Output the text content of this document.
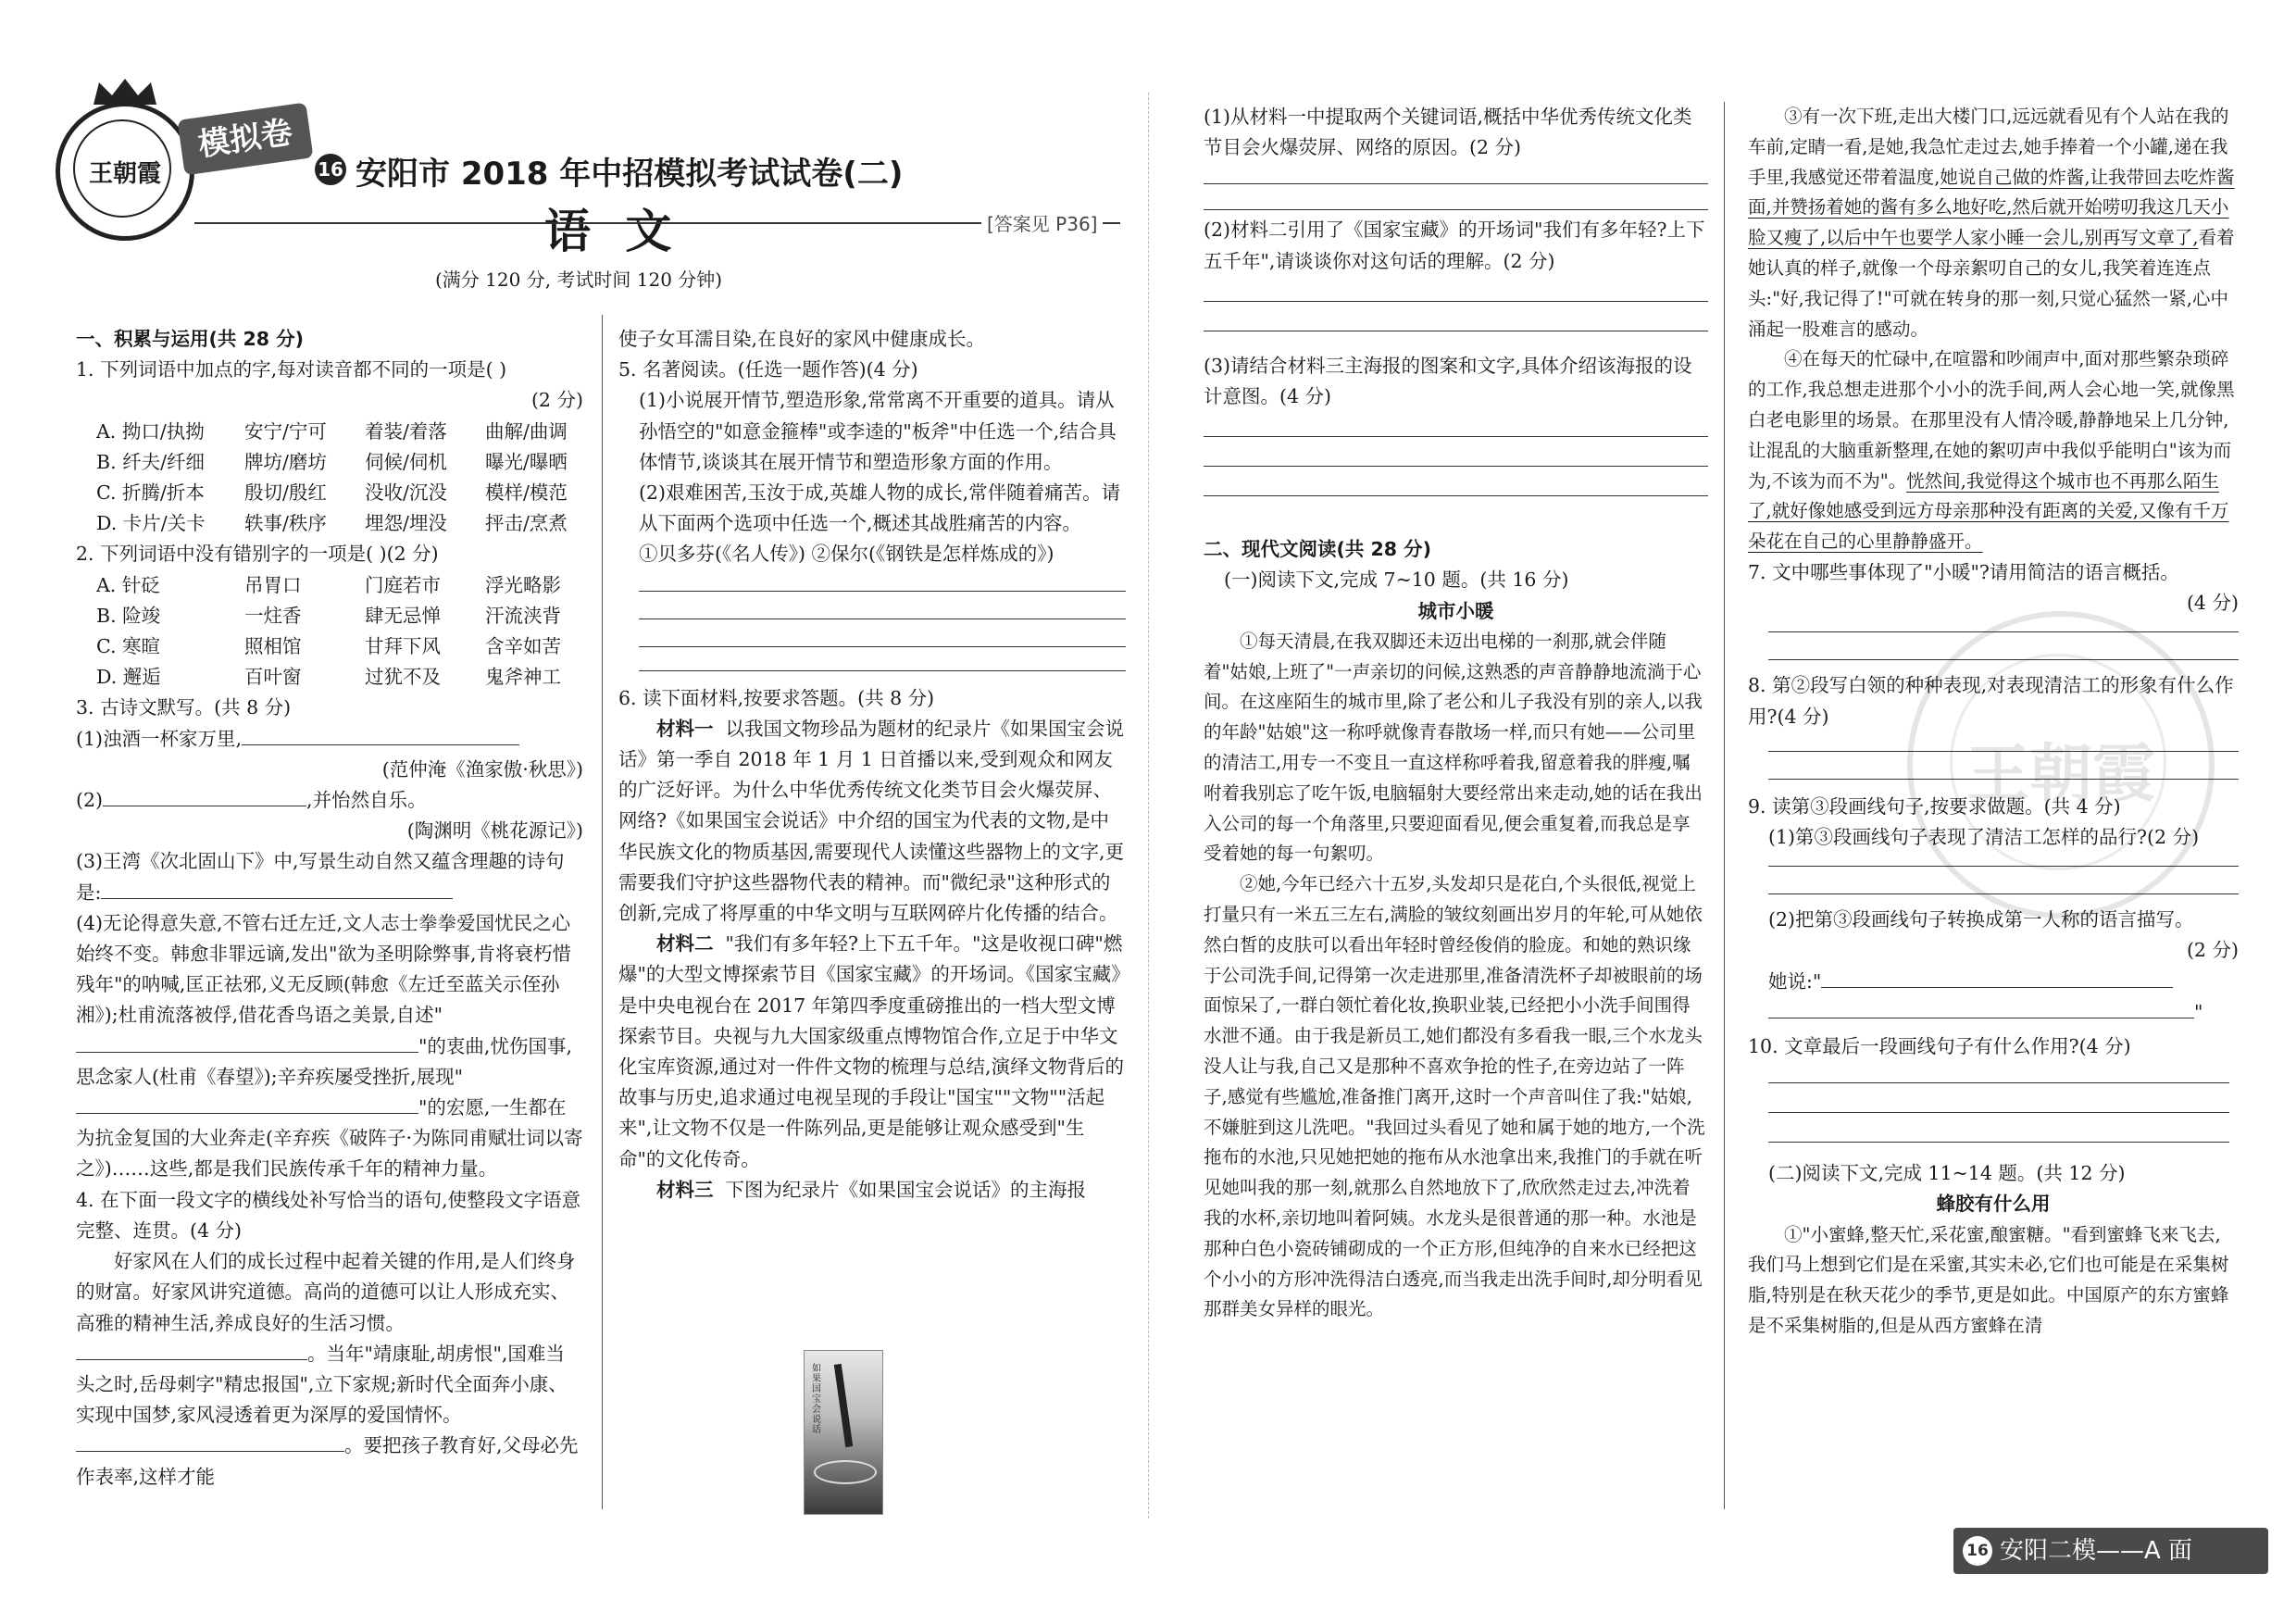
王朝霞
模拟卷
16 安阳市 2018 年中招模拟考试试卷(二)
语 文	[答案见 P36]
(满分 120 分, 考试时间 120 分钟)

一、积累与运用(共 28 分)

1. 下列词语中加点的字,每对读音都不同的一项是( )

(2 分)

A. 拗口/执拗 安宁/宁可 着装/着落 曲解/曲调
B. 纤夫/纤细 牌坊/磨坊 伺候/伺机 曝光/曝晒
C. 折腾/折本 殷切/殷红 没收/沉没 模样/模范
D. 卡片/关卡 轶事/秩序 埋怨/埋没 抨击/烹煮

2. 下列词语中没有错别字的一项是( )(2 分)

A. 针砭	吊胃口	门庭若市 浮光略影
B. 险竣	一炷香	肆无忌惮 汗流浃背
C. 寒暄	照相馆	甘拜下风 含辛如苦
D. 邂逅	百叶窗	过犹不及 鬼斧神工

3. 古诗文默写。(共 8 分)

(1)浊酒一杯家万里,

(范仲淹《渔家傲·秋思》)

(2)	,并怡然自乐。

(陶渊明《桃花源记》)

(3)王湾《次北固山下》中,写景生动自然又蕴含理趣的诗句是:

(4)无论得意失意,不管右迁左迁,文人志士拳拳爱国忧民之心始终不变。韩愈非罪远谪,发出"欲为圣明除弊事,肯将衰朽惜残年"的呐喊,匡正祛邪,义无反顾(韩愈《左迁至蓝关示侄孙湘》);杜甫流落被俘,借花香鸟语之美景,自述""的衷曲,忧伤国事,思念家人(杜甫《春望》);辛弃疾屡受挫折,展现""的宏愿,一生都在为抗金复国的大业奔走(辛弃疾《破阵子·为陈同甫赋壮词以寄之》)……这些,都是我们民族传承千年的精神力量。

4. 在下面一段文字的横线处补写恰当的语句,使整段文字语意完整、连贯。(4 分)

好家风在人们的成长过程中起着关键的作用,是人们终身的财富。好家风讲究道德。高尚的道德可以让人形成充实、高雅的精神生活,养成良好的生活习惯。。当年"靖康耻,胡虏恨",国难当头之时,岳母刺字"精忠报国",立下家规;新时代全面奔小康、实现中国梦,家风浸透着更为深厚的爱国情怀。。要把孩子教育好,父母必先作表率,这样才能

使子女耳濡目染,在良好的家风中健康成长。

5. 名著阅读。(任选一题作答)(4 分)

(1)小说展开情节,塑造形象,常常离不开重要的道具。请从孙悟空的"如意金箍棒"或李逵的"板斧"中任选一个,结合具体情节,谈谈其在展开情节和塑造形象方面的作用。

(2)艰难困苦,玉汝于成,英雄人物的成长,常伴随着痛苦。请从下面两个选项中任选一个,概述其战胜痛苦的内容。

①贝多芬(《名人传》) ②保尔(《钢铁是怎样炼成的》)

6. 读下面材料,按要求答题。(共 8 分)

材料一 以我国文物珍品为题材的纪录片《如果国宝会说话》第一季自 2018 年 1 月 1 日首播以来,受到观众和网友的广泛好评。为什么中华优秀传统文化类节目会火爆荧屏、网络?《如果国宝会说话》中介绍的国宝为代表的文物,是中华民族文化的物质基因,需要现代人读懂这些器物上的文字,更需要我们守护这些器物代表的精神。而"微纪录"这种形式的创新,完成了将厚重的中华文明与互联网碎片化传播的结合。

材料二 "我们有多年轻?上下五千年。"这是收视口碑"燃爆"的大型文博探索节目《国家宝藏》的开场词。《国家宝藏》是中央电视台在 2017 年第四季度重磅推出的一档大型文博探索节目。央视与九大国家级重点博物馆合作,立足于中华文化宝库资源,通过对一件件文物的梳理与总结,演绎文物背后的故事与历史,追求通过电视呈现的手段让"国宝""文物""活起来",让文物不仅是一件陈列品,更是能够让观众感受到"生命"的文化传奇。

材料三 下图为纪录片《如果国宝会说话》的主海报

如果国宝会说话

(1)从材料一中提取两个关键词语,概括中华优秀传统文化类节目会火爆荧屏、网络的原因。(2 分)

(2)材料二引用了《国家宝藏》的开场词"我们有多年轻?上下五千年",请谈谈你对这句话的理解。(2 分)

(3)请结合材料三主海报的图案和文字,具体介绍该海报的设计意图。(4 分)

二、现代文阅读(共 28 分)

(一)阅读下文,完成 7~10 题。(共 16 分)

城市小暖

①每天清晨,在我双脚还未迈出电梯的一刹那,就会伴随着"姑娘,上班了"一声亲切的问候,这熟悉的声音静静地流淌于心间。在这座陌生的城市里,除了老公和儿子我没有别的亲人,以我的年龄"姑娘"这一称呼就像青春散场一样,而只有她——公司里的清洁工,用专一不变且一直这样称呼着我,留意着我的胖瘦,嘱咐着我别忘了吃午饭,电脑辐射大要经常出来走动,她的话在我出入公司的每一个角落里,只要迎面看见,便会重复着,而我总是享受着她的每一句絮叨。

②她,今年已经六十五岁,头发却只是花白,个头很低,视觉上打量只有一米五三左右,满脸的皱纹刻画出岁月的年轮,可从她依然白皙的皮肤可以看出年轻时曾经俊俏的脸庞。和她的熟识缘于公司洗手间,记得第一次走进那里,准备清洗杯子却被眼前的场面惊呆了,一群白领忙着化妆,换职业装,已经把小小洗手间围得水泄不通。由于我是新员工,她们都没有多看我一眼,三个水龙头没人让与我,自己又是那种不喜欢争抢的性子,在旁边站了一阵子,感觉有些尴尬,准备推门离开,这时一个声音叫住了我:"姑娘,不嫌脏到这儿洗吧。"我回过头看见了她和属于她的地方,一个洗拖布的水池,只见她把她的拖布从水池拿出来,我推门的手就在听见她叫我的那一刻,就那么自然地放下了,欣欣然走过去,冲洗着我的水杯,亲切地叫着阿姨。水龙头是很普通的那一种。水池是那种白色小瓷砖铺砌成的一个正方形,但纯净的自来水已经把这个小小的方形冲洗得洁白透亮,而当我走出洗手间时,却分明看见那群美女异样的眼光。

③有一次下班,走出大楼门口,远远就看见有个人站在我的车前,定睛一看,是她,我急忙走过去,她手捧着一个小罐,递在我手里,我感觉还带着温度,她说自己做的炸酱,让我带回去吃炸酱面,并赞扬着她的酱有多么地好吃,然后就开始唠叨我这几天小脸又瘦了,以后中午也要学人家小睡一会儿,别再写文章了,看着她认真的样子,就像一个母亲絮叨自己的女儿,我笑着连连点头:"好,我记得了!"可就在转身的那一刻,只觉心猛然一紧,心中涌起一股难言的感动。

④在每天的忙碌中,在喧嚣和吵闹声中,面对那些繁杂琐碎的工作,我总想走进那个小小的洗手间,两人会心地一笑,就像黑白老电影里的场景。在那里没有人情冷暖,静静地呆上几分钟,让混乱的大脑重新整理,在她的絮叨声中我似乎能明白"该为而为,不该为而不为"。恍然间,我觉得这个城市也不再那么陌生了,就好像她感受到远方母亲那种没有距离的关爱,又像有千万朵花在自己的心里静静盛开。

7. 文中哪些事体现了"小暖"?请用简洁的语言概括。

(4 分)

8. 第②段写白领的种种表现,对表现清洁工的形象有什么作用?(4 分)

9. 读第③段画线句子,按要求做题。(共 4 分)

(1)第③段画线句子表现了清洁工怎样的品行?(2 分)

(2)把第③段画线句子转换成第一人称的语言描写。

(2 分)

她说:"

"

10. 文章最后一段画线句子有什么作用?(4 分)

(二)阅读下文,完成 11~14 题。(共 12 分)

蜂胶有什么用

①"小蜜蜂,整天忙,采花蜜,酿蜜糖。"看到蜜蜂飞来飞去,我们马上想到它们是在采蜜,其实未必,它们也可能是在采集树脂,特别是在秋天花少的季节,更是如此。中国原产的东方蜜蜂是不采集树脂的,但是从西方蜜蜂在清

王朝霞
16 安阳二模——A 面
